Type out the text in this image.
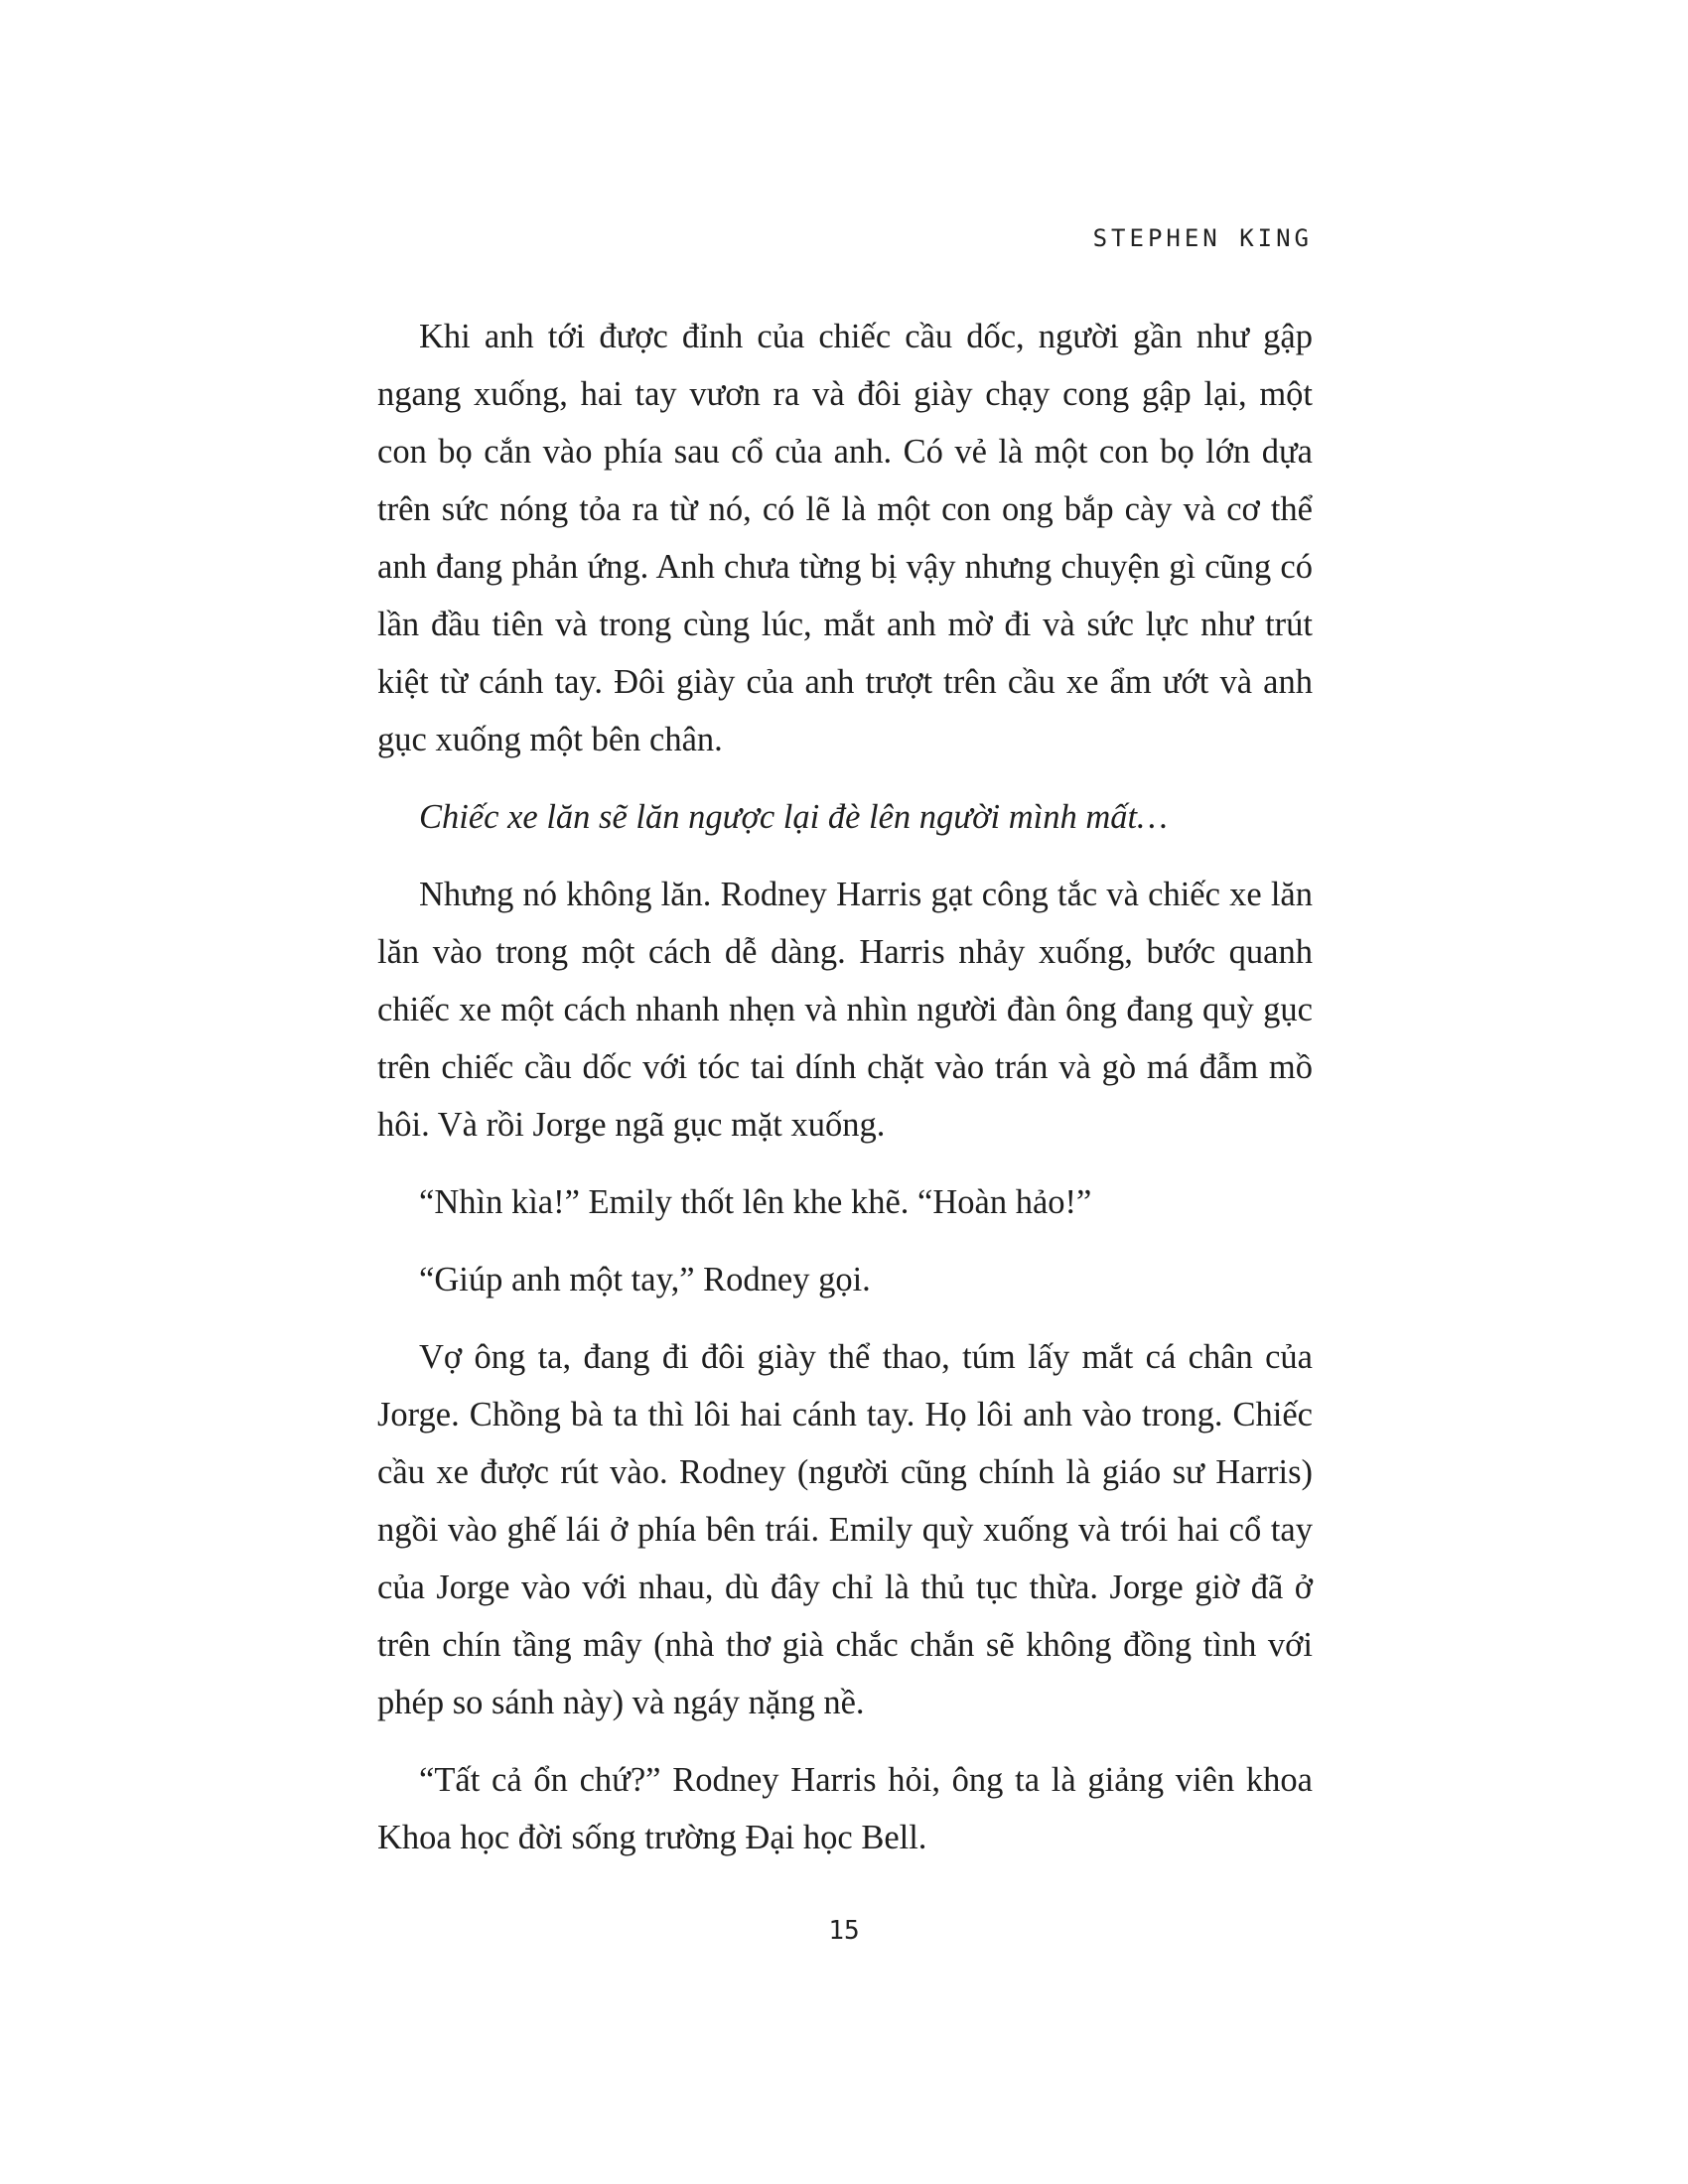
STEPHEN KING

Khi anh tới được đỉnh của chiếc cầu dốc, người gần như gập ngang xuống, hai tay vươn ra và đôi giày chạy cong gập lại, một con bọ cắn vào phía sau cổ của anh. Có vẻ là một con bọ lớn dựa trên sức nóng tỏa ra từ nó, có lẽ là một con ong bắp cày và cơ thể anh đang phản ứng. Anh chưa từng bị vậy nhưng chuyện gì cũng có lần đầu tiên và trong cùng lúc, mắt anh mờ đi và sức lực như trút kiệt từ cánh tay. Đôi giày của anh trượt trên cầu xe ẩm ướt và anh gục xuống một bên chân.

Chiếc xe lăn sẽ lăn ngược lại đè lên người mình mất…

Nhưng nó không lăn. Rodney Harris gạt công tắc và chiếc xe lăn lăn vào trong một cách dễ dàng. Harris nhảy xuống, bước quanh chiếc xe một cách nhanh nhẹn và nhìn người đàn ông đang quỳ gục trên chiếc cầu dốc với tóc tai dính chặt vào trán và gò má đẫm mồ hôi. Và rồi Jorge ngã gục mặt xuống.

“Nhìn kìa!” Emily thốt lên khe khẽ. “Hoàn hảo!”

“Giúp anh một tay,” Rodney gọi.

Vợ ông ta, đang đi đôi giày thể thao, túm lấy mắt cá chân của Jorge. Chồng bà ta thì lôi hai cánh tay. Họ lôi anh vào trong. Chiếc cầu xe được rút vào. Rodney (người cũng chính là giáo sư Harris) ngồi vào ghế lái ở phía bên trái. Emily quỳ xuống và trói hai cổ tay của Jorge vào với nhau, dù đây chỉ là thủ tục thừa. Jorge giờ đã ở trên chín tầng mây (nhà thơ già chắc chắn sẽ không đồng tình với phép so sánh này) và ngáy nặng nề.

“Tất cả ổn chứ?” Rodney Harris hỏi, ông ta là giảng viên khoa Khoa học đời sống trường Đại học Bell.

15
